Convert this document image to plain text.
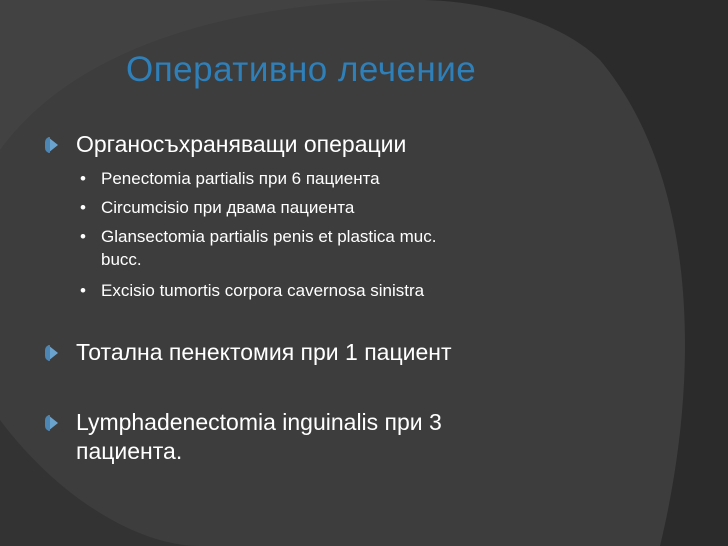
Оперативно лечение
Органосъхраняващи операции
• Penectomia partialis при 6 пациента
• Circumcisio при двама пациента
• Glansectomia partialis penis et plastica muc.
bucc.
• Excisio tumortis corpora cavernosa sinistra
Тотална пенектомия при 1 пациент
Lymphadenectomia inguinalis при 3
пациента.
